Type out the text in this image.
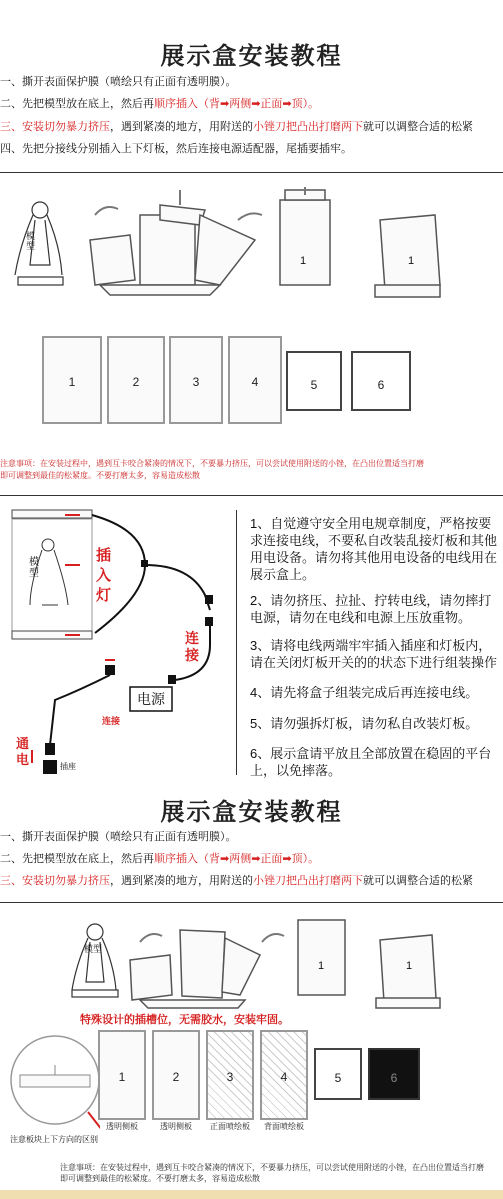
展示盒安装教程
一、撕开表面保护膜（喷绘只有正面有透明膜）。
二、先把模型放在底上，然后再顺序插入（背➡两侧➡正面➡顶）。
三、安装切勿暴力挤压，遇到紧凑的地方，用附送的小锉刀把凸出打磨两下就可以调整合适的松紧
四、先把分接线分别插入上下灯板，然后连接电源适配器，尾插要插牢。
模型
1	1
1	2	3	4	5	6
注意事项：在安装过程中，遇到互卡咬合紧凑的情况下，不要暴力挤压，可以尝试使用附送的小锉，在凸出位置适当打磨
即可调整到最佳的松紧度。不要打磨太多，容易造成松散
模型
插入灯
连接
电源
连接
通电	插座
1、自觉遵守安全用电规章制度，严格按要
求连接电线，不要私自改装乱接灯板和其他
用电设备。请勿将其他用电设备的电线用在
展示盒上。
2、请勿挤压、拉扯、拧转电线，请勿摔打
电源，请勿在电线和电源上压放重物。
3、请将电线两端牢牢插入插座和灯板内，
请在关闭灯板开关的的状态下进行组装操作
4、请先将盒子组装完成后再连接电线。
5、请勿强拆灯板，请勿私自改装灯板。
6、展示盒请平放且全部放置在稳固的平台
上，以免摔落。
展示盒安装教程
一、撕开表面保护膜（喷绘只有正面有透明膜）。
二、先把模型放在底上，然后再顺序插入（背➡两侧➡正面➡顶）。
三、安装切勿暴力挤压，遇到紧凑的地方，用附送的小锉刀把凸出打磨两下就可以调整合适的松紧
模型
1	1
特殊设计的插槽位，无需胶水，安装牢固。
1	2	3	4	5	6
透明侧板	透明侧板	正面喷绘板	背面喷绘板
注意板块上下方向的区别
注意事项：在安装过程中，遇到互卡咬合紧凑的情况下，不要暴力挤压，可以尝试使用附送的小锉，在凸出位置适当打磨
即可调整到最佳的松紧度。不要打磨太多，容易造成松散
